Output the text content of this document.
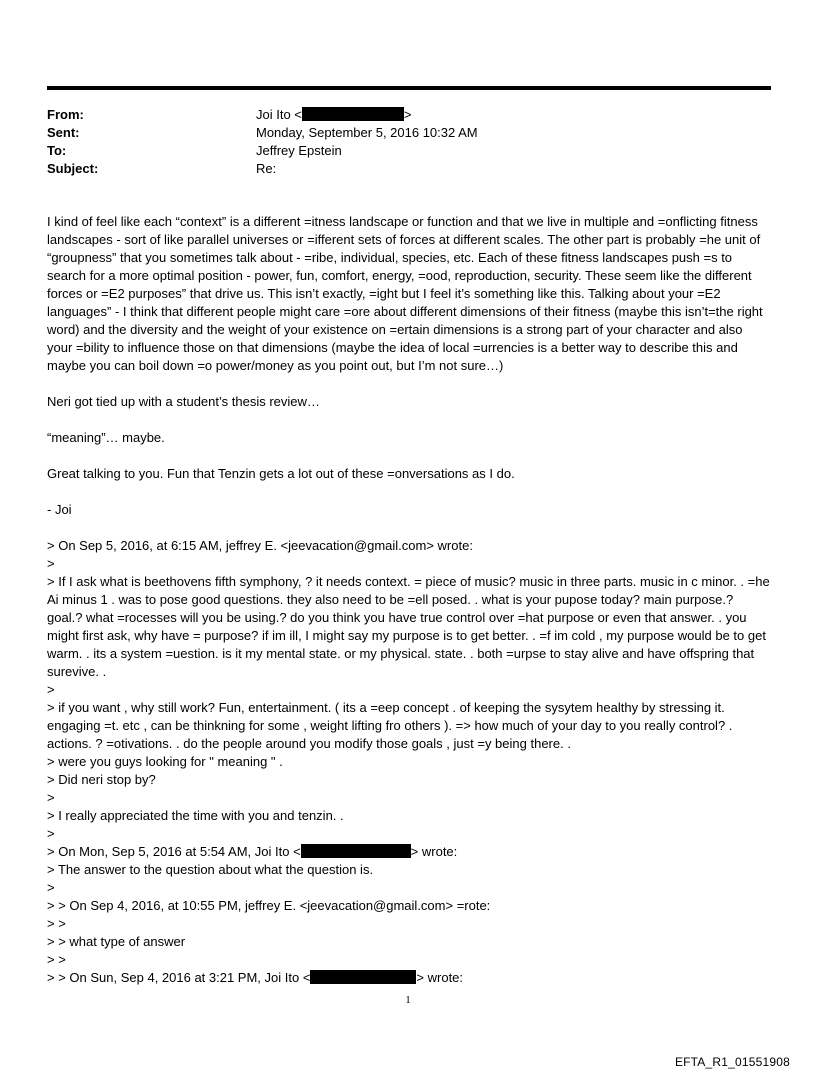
From:	Joi Ito <	>
Sent:	Monday, September 5, 2016 10:32 AM
To:	Jeffrey Epstein
Subject:	Re:

I kind of feel like each “context” is a different =itness landscape or function and that we live in multiple and =onflicting fitness landscapes - sort of like parallel universes or =ifferent sets of forces at different scales. The other part is probably =he unit of “groupness” that you sometimes talk about - =ribe, individual, species, etc. Each of these fitness landscapes push =s to search for a more optimal position - power, fun, comfort, energy, =ood, reproduction, security. These seem like the different forces or =E2 purposes” that drive us. This isn’t exactly, =ight but I feel it’s something like this. Talking about your =E2 languages” - I think that different people might care =ore about different dimensions of their fitness (maybe this isn’t=the right word) and the diversity and the weight of your existence on =ertain dimensions is a strong part of your character and also your =bility to influence those on that dimensions (maybe the idea of local =urrencies is a better way to describe this and maybe you can boil down =o power/money as you point out, but I’m not sure…)

Neri got tied up with a student’s thesis review…

“meaning”… maybe.

Great talking to you. Fun that Tenzin gets a lot out of these =onversations as I do.

- Joi

> On Sep 5, 2016, at 6:15 AM, jeffrey E. <jeevacation@gmail.com> wrote:
>

> If I ask what is beethovens fifth symphony, ? it needs context. = piece of music? music in three parts. music in c minor. . =he Ai minus 1 . was to pose good questions. they also need to be =ell posed. . what is your pupose today? main purpose.? goal.? what =rocesses will you be using.? do you think you have true control over =hat purpose or even that answer. . you might first ask, why have = purpose? if im ill, I might say my purpose is to get better. . =f im cold , my purpose would be to get warm. . its a system =uestion. is it my mental state. or my physical. state. . both =urpse to stay alive and have offspring that surevive. .

>

> if you want , why still work? Fun, entertainment. ( its a =eep concept . of keeping the sysytem healthy by stressing it. engaging =t. etc , can be thinkning for some , weight lifting fro others ). => how much of your day to you really control? . actions. ? =otivations. . do the people around you modify those goals , just =y being there. .

> were you guys looking for " meaning " .
> Did neri stop by?
>
> I really appreciated the time with you and tenzin. .
>
> On Mon, Sep 5, 2016 at 5:54 AM, Joi Ito <	> wrote:
> The answer to the question about what the question is.
>
> > On Sep 4, 2016, at 10:55 PM, jeffrey E. <jeevacation@gmail.com> =rote:
> >
> > what type of answer
> >
> > On Sun, Sep 4, 2016 at 3:21 PM, Joi Ito <	> wrote:
1
EFTA_R1_01551908
